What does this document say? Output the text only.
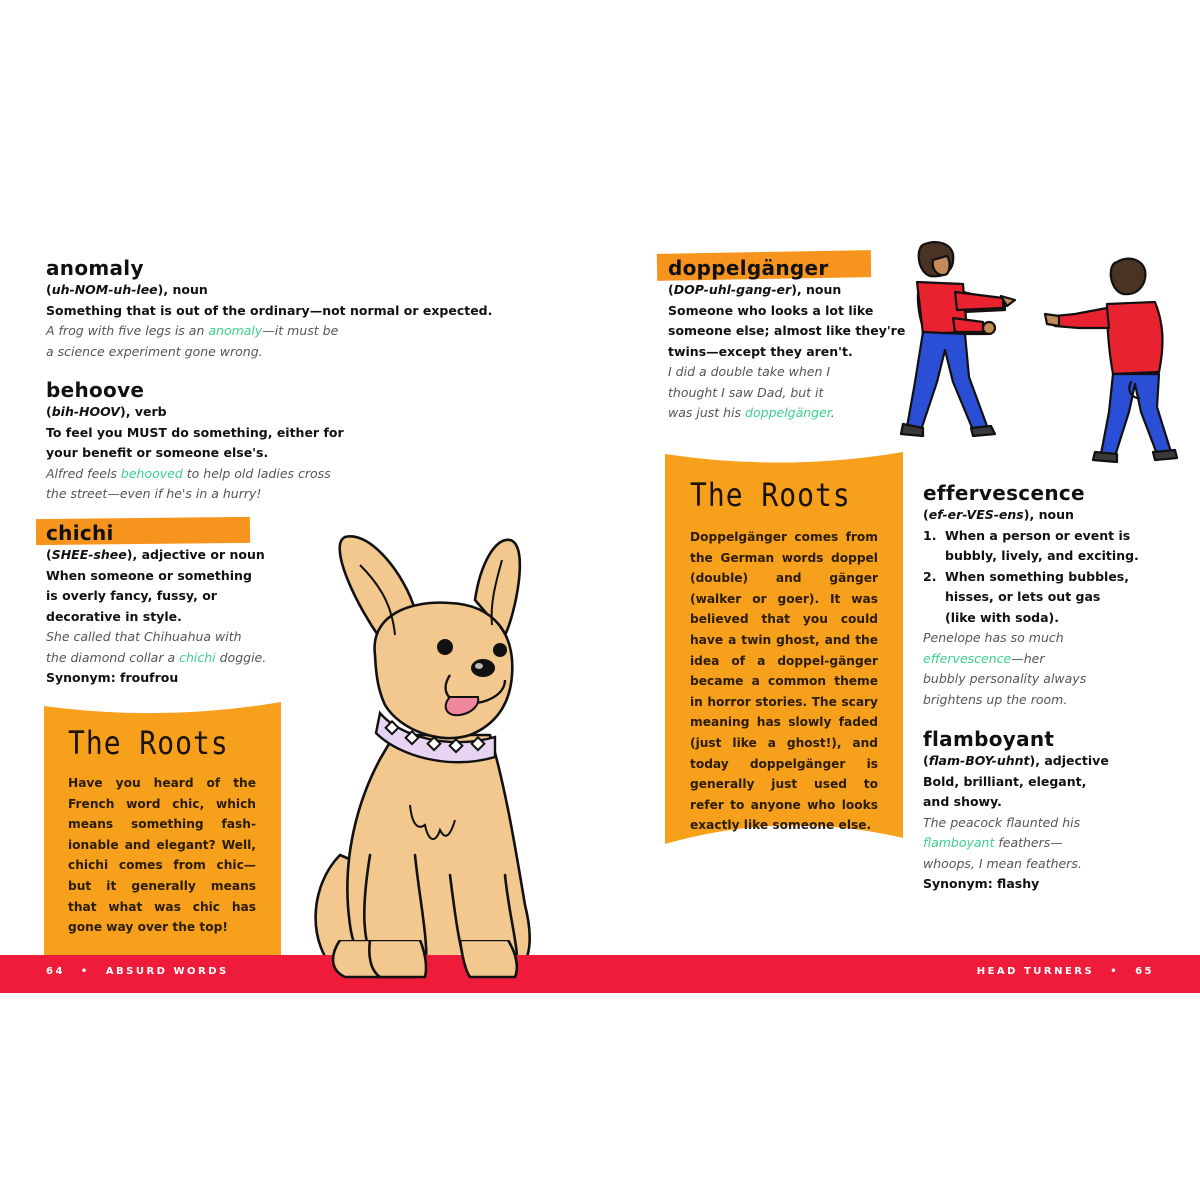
anomaly
(uh-NOM-uh-lee), noun
Something that is out of the ordinary—not normal or expected.
A frog with five legs is an anomaly—it must be
a science experiment gone wrong.
behoove
(bih-HOOV), verb
To feel you MUST do something, either for
your benefit or someone else's.
Alfred feels behooved to help old ladies cross
the street—even if he's in a hurry!
chichi
(SHEE-shee), adjective or noun
When someone or something
is overly fancy, fussy, or
decorative in style.
She called that Chihuahua with
the diamond collar a chichi doggie.
Synonym: froufrou
The Roots
Have you heard of the French word chic, which means something fash-ionable and elegant? Well, chichi comes from chic—but it generally means that what was chic has gone way over the top!
doppelgänger
(DOP-uhl-gang-er), noun
Someone who looks a lot like
someone else; almost like they're
twins—except they aren't.
I did a double take when I
thought I saw Dad, but it
was just his doppelgänger.
The Roots
Doppelgänger comes from the German words doppel (double) and gänger (walker or goer). It was believed that you could have a twin ghost, and the idea of a doppel-gänger became a common theme in horror stories. The scary meaning has slowly faded (just like a ghost!), and today doppelgänger is generally just used to refer to anyone who looks exactly like someone else.
effervescence
(ef-er-VES-ens), noun
1. When a person or event is
bubbly, lively, and exciting.
2. When something bubbles,
hisses, or lets out gas
(like with soda).
Penelope has so much
effervescence—her
bubbly personality always
brightens up the room.
flamboyant
(flam-BOY-uhnt), adjective
Bold, brilliant, elegant,
and showy.
The peacock flaunted his
flamboyant feathers—
whoops, I mean feathers.
Synonym: flashy
64 • ABSURD WORDS	HEAD TURNERS • 65
